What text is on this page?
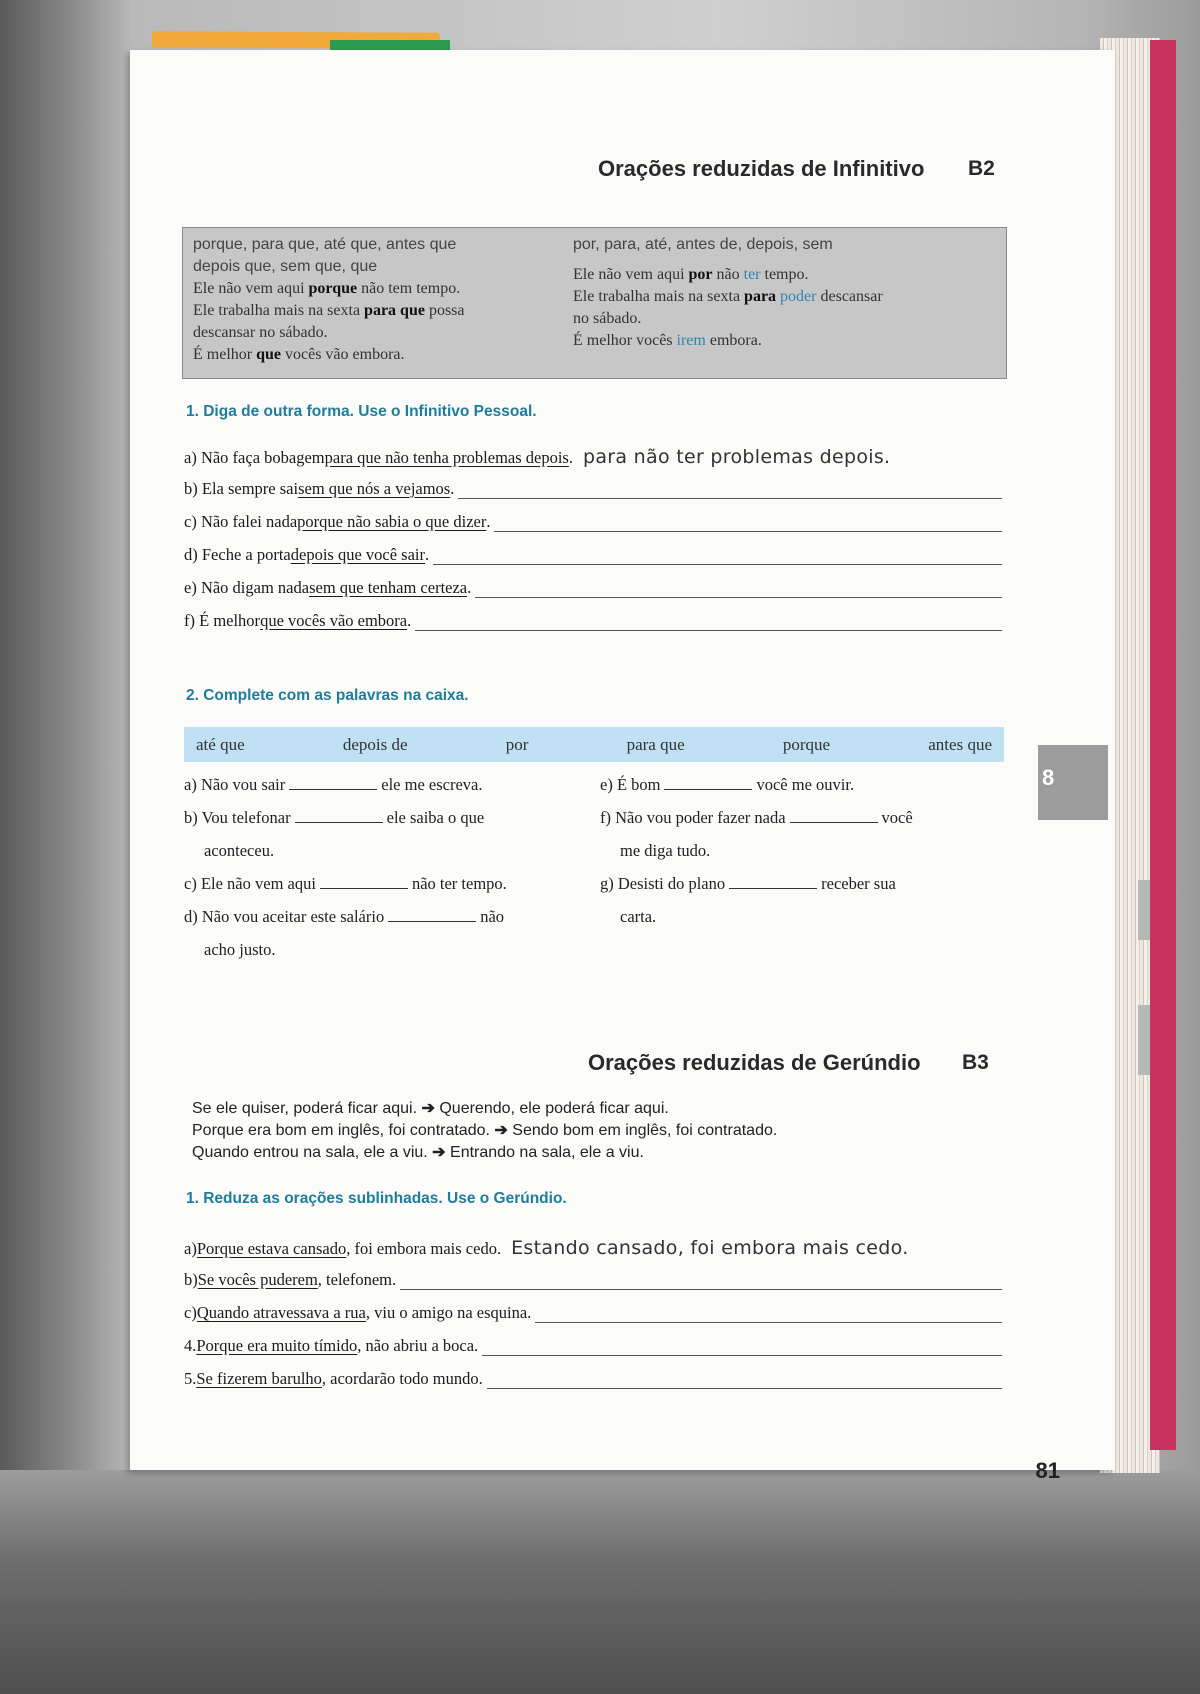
Orações reduzidas de Infinitivo B2
porque, para que, até que, antes que
depois que, sem que, que
Ele não vem aqui porque não tem tempo.
Ele trabalha mais na sexta para que possa
descansar no sábado.
É melhor que vocês vão embora.
por, para, até, antes de, depois, sem
Ele não vem aqui por não ter tempo.
Ele trabalha mais na sexta para poder descansar
no sábado.
É melhor vocês irem embora.
1. Diga de outra forma. Use o Infinitivo Pessoal.
a) Não faça bobagem para que não tenha problemas depois . para não ter problemas depois.
b) Ela sempre sai sem que nós a vejamos .
c) Não falei nada porque não sabia o que dizer .
d) Feche a porta depois que você sair .
e) Não digam nada sem que tenham certeza .
f) É melhor que vocês vão embora .
2. Complete com as palavras na caixa.
até que	depois de	por	para que	porque	antes que
a) Não vou sair	ele me escreva.
b) Vou telefonar	ele saiba o que
aconteceu.
c) Ele não vem aqui	não ter tempo.
d) Não vou aceitar este salário	não
acho justo.
e) É bom	você me ouvir.
f) Não vou poder fazer nada	você
me diga tudo.
g) Desisti do plano	receber sua
carta.
Orações reduzidas de Gerúndio B3
Se ele quiser, poderá ficar aqui. ➔ Querendo, ele poderá ficar aqui.
Porque era bom em inglês, foi contratado. ➔ Sendo bom em inglês, foi contratado.
Quando entrou na sala, ele a viu. ➔ Entrando na sala, ele a viu.
1. Reduza as orações sublinhadas. Use o Gerúndio.
a) Porque estava cansado , foi embora mais cedo. Estando cansado, foi embora mais cedo.
b) Se vocês puderem , telefonem.
c) Quando atravessava a rua , viu o amigo na esquina.
4. Porque era muito tímido , não abriu a boca.
5. Se fizerem barulho , acordarão todo mundo.
81
8
